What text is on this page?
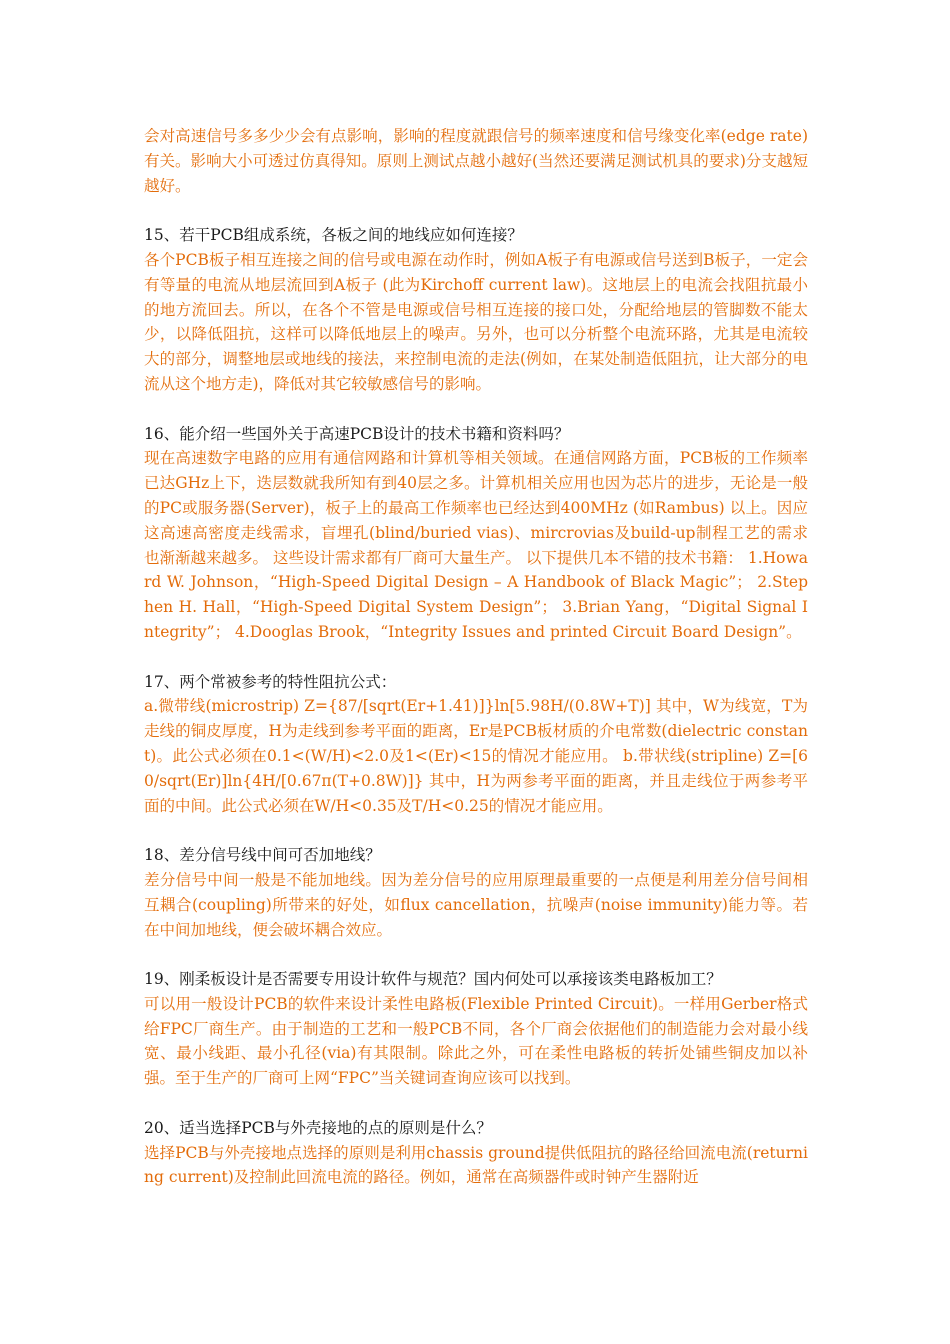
会对高速信号多多少少会有点影响，影响的程度就跟信号的频率速度和信号缘变化率(edge rate)有关。影响大小可透过仿真得知。原则上测试点越小越好(当然还要满足测试机具的要求)分支越短越好。

15、若干PCB组成系统，各板之间的地线应如何连接？

各个PCB板子相互连接之间的信号或电源在动作时，例如A板子有电源或信号送到B板子，一定会有等量的电流从地层流回到A板子 (此为Kirchoff current law)。这地层上的电流会找阻抗最小的地方流回去。所以，在各个不管是电源或信号相互连接的接口处，分配给地层的管脚数不能太少，以降低阻抗，这样可以降低地层上的噪声。另外，也可以分析整个电流环路，尤其是电流较大的部分，调整地层或地线的接法，来控制电流的走法(例如，在某处制造低阻抗，让大部分的电流从这个地方走)，降低对其它较敏感信号的影响。

16、能介绍一些国外关于高速PCB设计的技术书籍和资料吗？

现在高速数字电路的应用有通信网路和计算机等相关领域。在通信网路方面，PCB板的工作频率已达GHz上下，迭层数就我所知有到40层之多。计算机相关应用也因为芯片的进步，无论是一般的PC或服务器(Server)，板子上的最高工作频率也已经达到400MHz (如Rambus) 以上。因应这高速高密度走线需求，盲埋孔(blind/buried vias)、mircrovias及build-up制程工艺的需求也渐渐越来越多。 这些设计需求都有厂商可大量生产。 以下提供几本不错的技术书籍： 1.Howard W. Johnson，“High-Speed Digital Design – A Handbook of Black Magic”； 2.Stephen H. Hall，“High-Speed Digital System Design”； 3.Brian Yang，“Digital Signal Integrity”； 4.Dooglas Brook，“Integrity Issues and printed Circuit Board Design”。

17、两个常被参考的特性阻抗公式：

a.微带线(microstrip) Z={87/[sqrt(Er+1.41)]}ln[5.98H/(0.8W+T)] 其中，W为线宽，T为走线的铜皮厚度，H为走线到参考平面的距离，Er是PCB板材质的介电常数(dielectric constant)。此公式必须在0.1<(W/H)<2.0及1<(Er)<15的情况才能应用。 b.带状线(stripline) Z=[60/sqrt(Er)]ln{4H/[0.67π(T+0.8W)]} 其中，H为两参考平面的距离，并且走线位于两参考平面的中间。此公式必须在W/H<0.35及T/H<0.25的情况才能应用。

18、差分信号线中间可否加地线？

差分信号中间一般是不能加地线。因为差分信号的应用原理最重要的一点便是利用差分信号间相互耦合(coupling)所带来的好处，如flux cancellation，抗噪声(noise immunity)能力等。若在中间加地线，便会破坏耦合效应。

19、刚柔板设计是否需要专用设计软件与规范？国内何处可以承接该类电路板加工？

可以用一般设计PCB的软件来设计柔性电路板(Flexible Printed Circuit)。一样用Gerber格式给FPC厂商生产。由于制造的工艺和一般PCB不同，各个厂商会依据他们的制造能力会对最小线宽、最小线距、最小孔径(via)有其限制。除此之外，可在柔性电路板的转折处铺些铜皮加以补强。至于生产的厂商可上网“FPC”当关键词查询应该可以找到。

20、适当选择PCB与外壳接地的点的原则是什么？

选择PCB与外壳接地点选择的原则是利用chassis ground提供低阻抗的路径给回流电流(returning current)及控制此回流电流的路径。例如，通常在高频器件或时钟产生器附近
